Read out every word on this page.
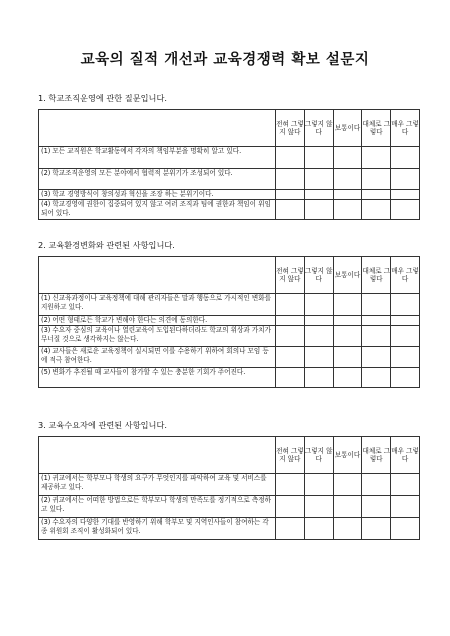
교육의 질적 개선과 교육경쟁력 확보 설문지
1. 학교조직운영에 관한 질문입니다.
	전혀 그렇지 않다	그렇지 않다	보통이다	대체로 그렇다	매우 그렇다
(1) 모든 교직원은 학교활동에서 각자의 책임부분을 명확히 알고 있다.					
(2) 학교조직운영의 모든 분야에서 협력적 분위기가 조성되어 있다.					
(3) 학교 경영방식이 창의성과 혁신을 조장 하는 분위기이다.					
(4) 학교경영에 권한이 집중되어 있지 않고 여러 조직과 팀에 권한과 책임이 위임되어 있다.					
2. 교육환경변화와 관련된 사항입니다.
	전혀 그렇지 않다	그렇지 않다	보통이다	대체로 그렇다	매우 그렇다
(1) 신교육과정이나 교육정책에 대해 관리자들은 말과 행동으로 가시적인 변화를 지원하고 있다.					
(2) 어떤 형태로든 학교가 변해야 한다는 의견에 동의한다.					
(3) 수요자 중심의 교육이나 열린교육이 도입된다하더라도 학교의 위상과 가치가 무너질 것으로 생각하지는 않는다.					
(4) 교사들은 새로운 교육정책이 실시되면 이를 수용하기 위하여 회의나 모임 등에 적극 참여한다.					
(5) 변화가 추진될 때 교사들이 참가할 수 있는 충분한 기회가 주어진다.					
3. 교육수요자에 관련된 사항입니다.
	전혀 그렇지 않다	그렇지 않다	보통이다	대체로 그렇다	매우 그렇다
(1) 귀교에서는 학부모나 학생의 요구가 무엇인지를 파악하여 교육 및 서비스를 제공하고 있다.					
(2) 귀교에서는 어떠한 방법으로든 학부모나 학생의 만족도를 정기적으로 측정하고 있다.					
(3) 수요자의 다양한 기대를 반영하기 위해 학부모 및 지역인사들이 참여하는 각종 위원회 조직이 활성화되어 있다.					
